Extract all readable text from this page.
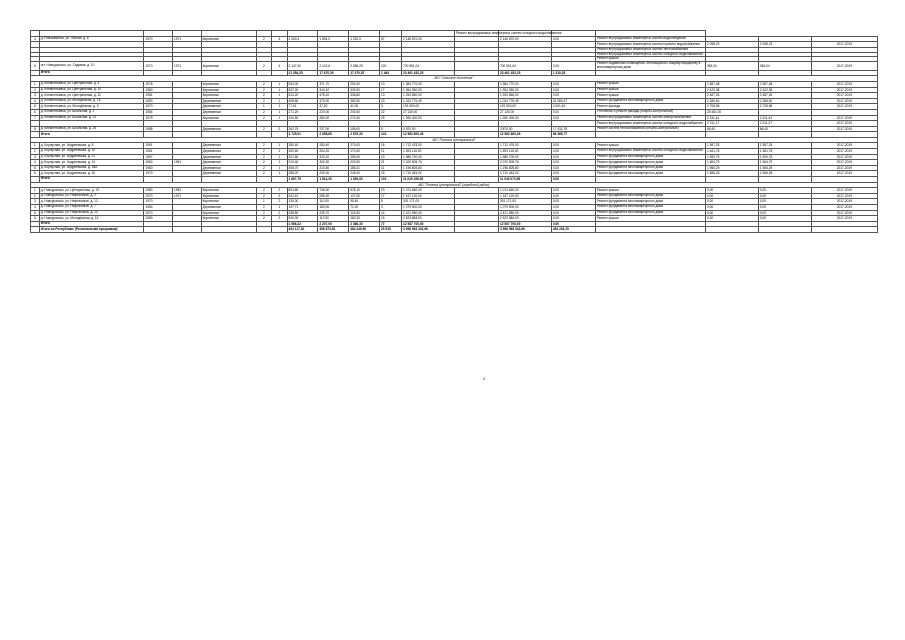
												Ремонт внутридомовых инженерных систем холодного водоснабжения						
4	д. Новокаменск, ул. Лесная, д. 6	1970	1971	Кирпичные	2	4	2 063,3	1 894,0	1 220,0	57	2 146 870,00		2 146 870,00	0,00	Ремонт внутридомовых инженерных систем водоотведения			
															Ремонт внутридомовых инженерных систем горячего водоснабжения	2 058,23	2 058,23	2017-2019
															Ремонт внутридомовых инженерных систем теплоснабжения			
															Ремонт внутридомовых инженерных систем холодного водоснабжения			
															Ремонт крыши			
5	пгт. Новоуральск, ул. Садовая, д. 10	1970	1971	Кирпичные	2	4	2 147,00	2 102,6	2 058,29	100	700 951,04		700 951,04	0,00	Ремонт подвальных помещений, относящихся к общему имуществу в многоквартирном доме	363,04	363,04	2017-2019
	Итого						21 554,25	17 670,39	17 470,87	1 464	23 461 452,25		23 461 452,25	1 310,28				
МО "Сельское поселение"																		
1	д. Клементьевка, ул. Центральная, д. 4	1978		Кирпичные	2	1	534,00	371,70	253,30	10	1 384 770,00		1 384 770,00	0,00	Ремонт крыши	2 587,48	2 587,48	2017-2019
2	д. Клементьевка, ул. Центральная, д. 10	1980		Кирпичные	2	1	537,00	344,10	330,90	17	1 354 350,00		1 354 350,00	0,00	Ремонт крыши	2 422,38	2 422,38	2017-2019
3	д. Клементьевка, ул. Центральная, д. 11	1981		Кирпичные	2	1	514,20	478,10	336,80	13	1 253 860,00		1 253 860,00	0,00	Ремонт крыши	2 487,26	2 487,26	2017-2019
4	д. Клементьевка, ул. Молодёжная, д. 7а	1983		Деревянные	2	1	408,80	370,00	382,50	23	1 024 776,49		1 024 776,49	31 583,47	Ремонт фундамента многоквартирного дома	2 286,60	2 286,60	2017-2019
5	д. Клементьевка, ул. Молодёжная, д. 5	1970		Деревянные	1	1	77,61	37,20	41,00	3	191 500,00		191 500,00	2 641,45	Ремонт фасада	2 708,58	2 708,58	2017-2019
6	д. Клементьевка, ул. Школьная, д. 1	1984		Деревянные	2	1	271,20	220,00	240,40	22	27 130,00		27 130,00	0,00	Утепление и ремонт фасада (опорно-контрольные)	25 461,00		
7	д. Клементьевка, ул. Школьная, д. 21	1979		Кирпичные	2	1	310,50	280,00	270,40	25	1 260 400,00		1 260 400,00	0,00	Ремонт внутридомовых инженерных систем электроснабжения	2 311,44	2 311,44	2017-2019
															Ремонт внутридомовых инженерных систем холодного водоснабжения	2 311,27	2 311,27	2017-2019
8	д. Клементьевка, ул. Школьная, д. 25	1988		Деревянные	2	2	262,78	237,00	155,00	9	3 870,00		3 870,00	17 432,78	Ремонт систем теплоснабжения (опорно-контрольные)	66,40	66,40	2017-2019
	Итого						3 725,01	2 958,60	2 675,30	142	12 582 800,49		12 582 800,49	96 369,77				
МО "Поселок Центральный"																		
1	д. Корпусная, ул. Андреевская, д. 8	1961		Деревянные	2	1	280,40	280,40	270,00	16	1 712 478,00		1 712 478,00	0,00	Ремонт крыши	1 587,25	1 587,25	2017-2019
2	д. Корпусная, ул. Андреевская, д. 10	1961		Деревянные	2	1	263,60	264,20	170,40	11	1 693 116,00		1 693 116,00	0,00	Ремонт внутридомовых инженерных систем холодного водоснабжения	1 481,78	1 481,78	2017-2019
3	д. Корпусная, ул. Андреевская, д. 12	1967		Деревянные	2	1	321,80	320,10	259,40	19	1 986 700,00		1 986 700,00	0,00	Ремонт фундамента многоквартирного дома	1 590,75	1 590,75	2017-2019
4	д. Корпусная, ул. Андреевская, д. 14	1960	1961	Деревянные	2	1	310,40	300,30	220,00	21	2 020 505,76		2 070 505,76	0,00	Ремонт фундамента многоквартирного дома	1 564,79	1 564,79	2017-2019
5	д. Корпусная, ул. Андреевская, д. 18А	1960		Деревянные	2	1	408,70	210,50	185,31	11	1 196 805,80		1 196 805,80	0,00	Ремонт фундамента многоквартирного дома	1 966,29	1 966,29	2017-2019
6	д. Корпусная, ул. Андреевская, д. 20	1970		Деревянные	2	1	288,20	230,00	249,40	15	1 710 463,02		1 710 463,02	0,00	Ремонт фундамента многоквартирного дома	1 586,28	1 586,28	2017-2019
	Итого						1 667,79	1 514,30	1 309,00	102	11 029 198,00		11 040 070,56	0,00				
МО "Поселок Центральный" (городской район)																		
1	д. Новоуральск, ул. Центральная, д. 19	1980	1981	Кирпичные	2	2	804,80	738,30	675,10	23	1 074 660,00		1 074 660,00	0,00	Ремонт крыши	0,00	0,00	2017-2019
2	д. Новоуральск, ул. Нефтяников, д. 2	1970	1971	Кирпичные	2	2	341,10	255,30	127,00	17	1 167 120,00		1 167 120,00	0,00	Ремонт фундамента многоквартирного дома	0,00	0,00	2017-2019
3	д. Новоуральск, ул. Нефтяников, д. 12	1970		Кирпичные	1	2	135,30	110,00	95,40	5	301 171,00		301 171,00	0,00	Ремонт фундамента многоквартирного дома	0,00	0,00	2017-2019
4	д. Новоуральск, ул. Нефтяников, д. 7	1964		Деревянные	2	1	197,71	183,00	71,00	3	1 079 500,00		1 079 500,00	0,00	Ремонт фундамента многоквартирного дома	0,00	0,00	2017-2019
5	д. Новоуральск, ул. Нефтяников, д. 14	1970		Кирпичные	2	2	338,50	225,70	124,90	14	2 421 980,00		2 421 980,00	0,00	Ремонт фундамента многоквартирного дома	0,00	0,00	2017-2019
6	д. Новоуральск, ул. Молодёжная, д. 15	1980		Кирпичные	2	2	940,00	112,50	182,30	15	2 523 884,00		2 523 884,00	0,00	Ремонт крыши	0,00	0,00	2017-2019
	Итого						2 566,22	2 207,00	2 366,30	77	12 567 700,00		12 567 700,00	0,00				
	Итого по Республике (Региональная программа)						494 117,30	356 673,52	484 446,90	29 515	3 998 983 342,66		3 998 983 342,66	494 234,29				
2
